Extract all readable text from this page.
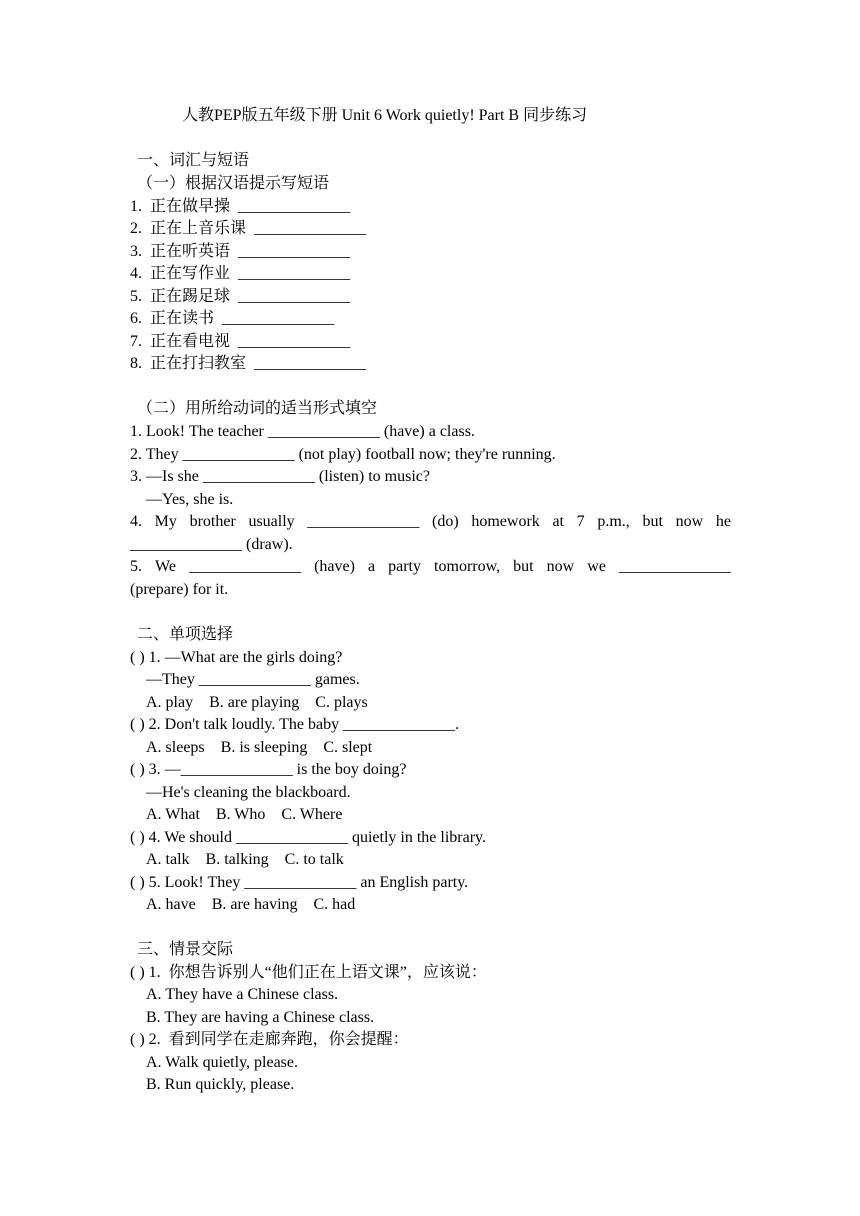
人教PEP版五年级下册 Unit 6 Work quietly! Part B 同步练习
一、词汇与短语
（一）根据汉语提示写短语
1.  正在做早操  ______________
2.  正在上音乐课  ______________
3.  正在听英语  ______________
4.  正在写作业  ______________
5.  正在踢足球  ______________
6.  正在读书  ______________
7.  正在看电视  ______________
8.  正在打扫教室  ______________
（二）用所给动词的适当形式填空
1. Look! The teacher ______________ (have) a class.
2. They ______________ (not play) football now; they're running.
3. —Is she ______________ (listen) to music?
—Yes, she is.
4. My brother usually ______________ (do) homework at 7 p.m., but now he
______________ (draw).
5. We ______________ (have) a party tomorrow, but now we ______________
(prepare) for it.
二、单项选择
( ) 1. —What are the girls doing?
—They ______________ games.
A. play    B. are playing    C. plays
( ) 2. Don't talk loudly. The baby ______________.
A. sleeps    B. is sleeping    C. slept
( ) 3. —______________ is the boy doing?
—He's cleaning the blackboard.
A. What    B. Who    C. Where
( ) 4. We should ______________ quietly in the library.
A. talk    B. talking    C. to talk
( ) 5. Look! They ______________ an English party.
A. have    B. are having    C. had
三、情景交际
( ) 1.  你想告诉别人“他们正在上语文课”，应该说：
A. They have a Chinese class.
B. They are having a Chinese class.
( ) 2.  看到同学在走廊奔跑，你会提醒：
A. Walk quietly, please.
B. Run quickly, please.
